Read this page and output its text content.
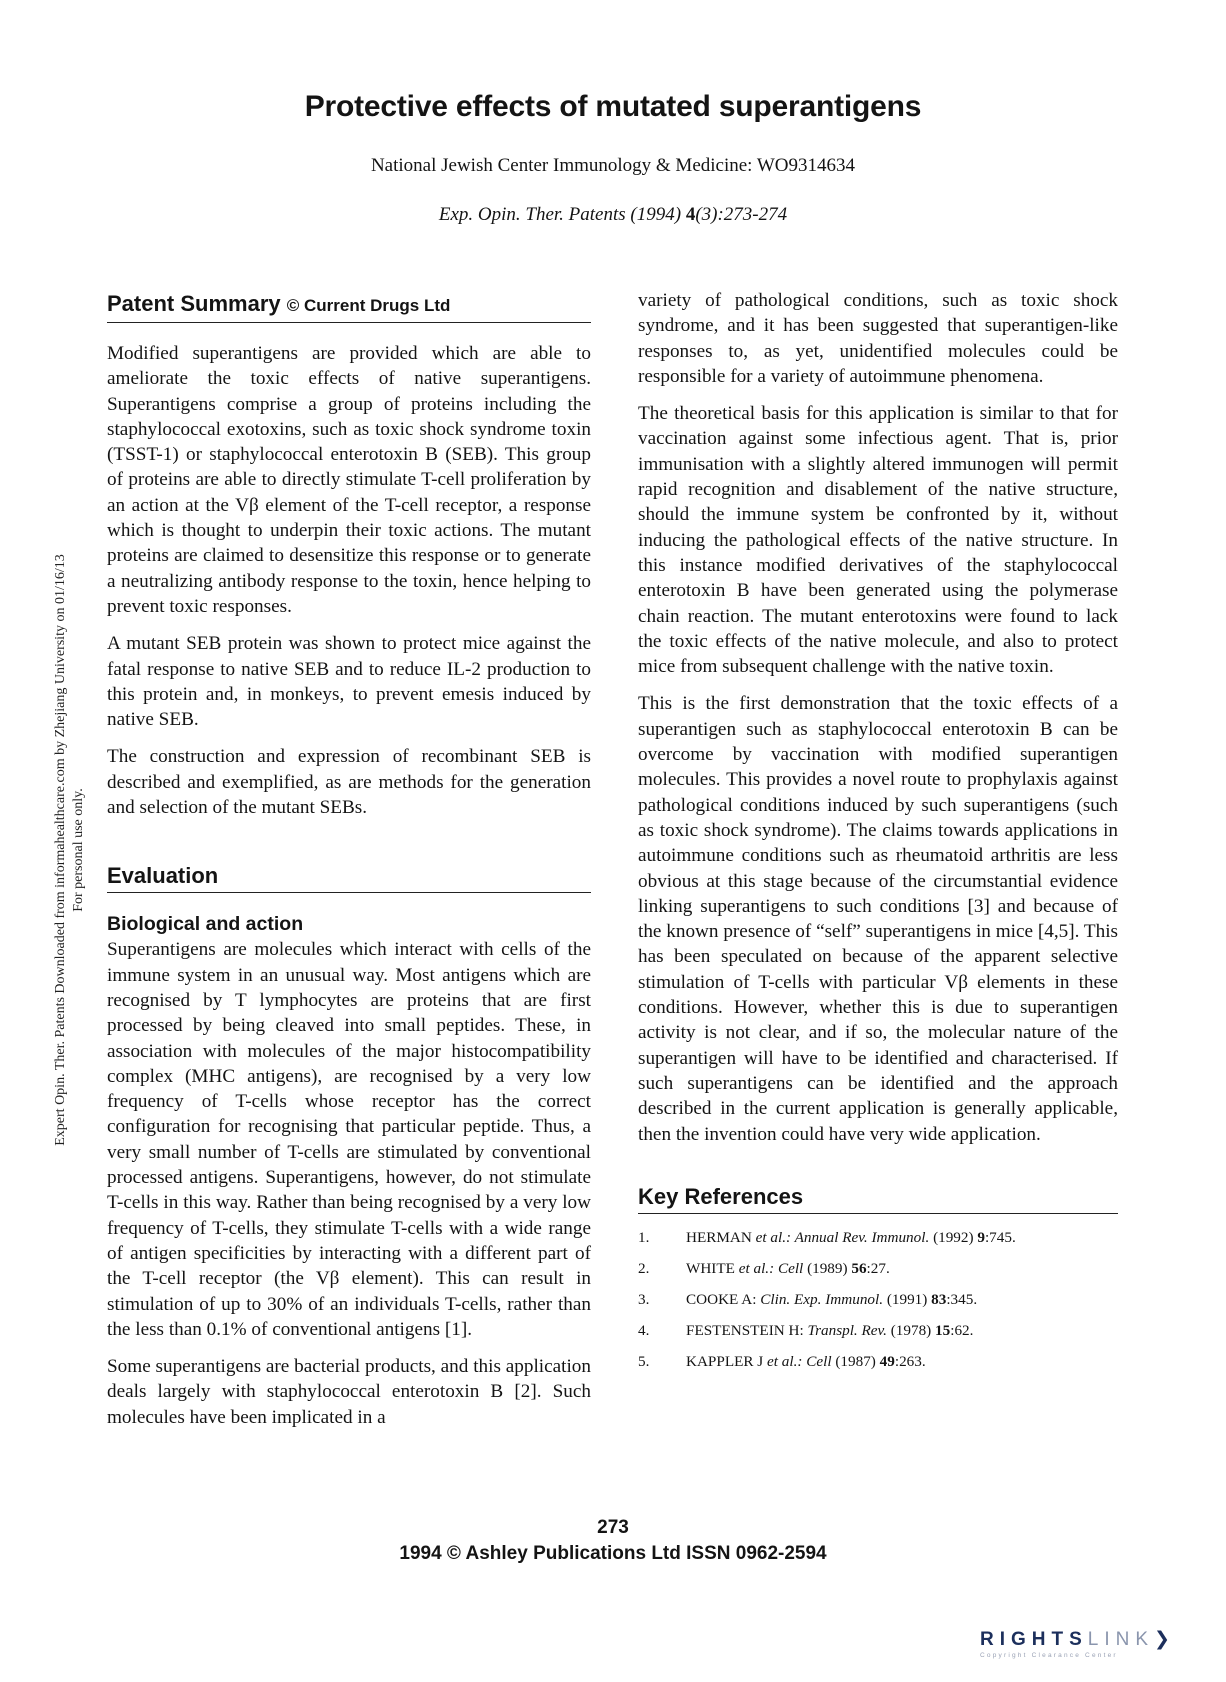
Protective effects of mutated superantigens
National Jewish Center Immunology & Medicine: WO9314634
Exp. Opin. Ther. Patents (1994) 4(3):273-274
Expert Opin. Ther. Patents Downloaded from informahealthcare.com by Zhejiang University on 01/16/13 For personal use only.
Patent Summary © Current Drugs Ltd

Modified superantigens are provided which are able to ameliorate the toxic effects of native superantigens. Superantigens comprise a group of proteins including the staphylococcal exotoxins, such as toxic shock syndrome toxin (TSST-1) or staphylococcal enterotoxin B (SEB). This group of proteins are able to directly stimulate T-cell proliferation by an action at the Vβ element of the T-cell receptor, a response which is thought to underpin their toxic actions. The mutant proteins are claimed to desensitize this response or to generate a neutralizing antibody response to the toxin, hence helping to prevent toxic responses.

A mutant SEB protein was shown to protect mice against the fatal response to native SEB and to reduce IL-2 production to this protein and, in monkeys, to prevent emesis induced by native SEB.

The construction and expression of recombinant SEB is described and exemplified, as are methods for the generation and selection of the mutant SEBs.

Evaluation
Biological and action

Superantigens are molecules which interact with cells of the immune system in an unusual way. Most antigens which are recognised by T lymphocytes are proteins that are first processed by being cleaved into small peptides. These, in association with molecules of the major histocompatibility complex (MHC antigens), are recognised by a very low frequency of T-cells whose receptor has the correct configuration for recognising that particular peptide. Thus, a very small number of T-cells are stimulated by conventional processed antigens. Superantigens, however, do not stimulate T-cells in this way. Rather than being recognised by a very low frequency of T-cells, they stimulate T-cells with a wide range of antigen specificities by interacting with a different part of the T-cell receptor (the Vβ element). This can result in stimulation of up to 30% of an individuals T-cells, rather than the less than 0.1% of conventional antigens [1].

Some superantigens are bacterial products, and this application deals largely with staphylococcal enterotoxin B [2]. Such molecules have been implicated in a

variety of pathological conditions, such as toxic shock syndrome, and it has been suggested that superantigen-like responses to, as yet, unidentified molecules could be responsible for a variety of autoimmune phenomena.

The theoretical basis for this application is similar to that for vaccination against some infectious agent. That is, prior immunisation with a slightly altered immunogen will permit rapid recognition and disablement of the native structure, should the immune system be confronted by it, without inducing the pathological effects of the native structure. In this instance modified derivatives of the staphylococcal enterotoxin B have been generated using the polymerase chain reaction. The mutant enterotoxins were found to lack the toxic effects of the native molecule, and also to protect mice from subsequent challenge with the native toxin.

This is the first demonstration that the toxic effects of a superantigen such as staphylococcal enterotoxin B can be overcome by vaccination with modified superantigen molecules. This provides a novel route to prophylaxis against pathological conditions induced by such superantigens (such as toxic shock syndrome). The claims towards applications in autoimmune conditions such as rheumatoid arthritis are less obvious at this stage because of the circumstantial evidence linking superantigens to such conditions [3] and because of the known presence of “self” superantigens in mice [4,5]. This has been speculated on because of the apparent selective stimulation of T-cells with particular Vβ elements in these conditions. However, whether this is due to superantigen activity is not clear, and if so, the molecular nature of the superantigen will have to be identified and characterised. If such superantigens can be identified and the approach described in the current application is generally applicable, then the invention could have very wide application.

Key References
1.	HERMAN et al.: Annual Rev. Immunol. (1992) 9:745.
2.	WHITE et al.: Cell (1989) 56:27.
3.	COOKE A: Clin. Exp. Immunol. (1991) 83:345.
4.	FESTENSTEIN H: Transpl. Rev. (1978) 15:62.
5.	KAPPLER J et al.: Cell (1987) 49:263.
273
1994 © Ashley Publications Ltd ISSN 0962-2594
RIGHTSLINK❯
Copyright Clearance Center
